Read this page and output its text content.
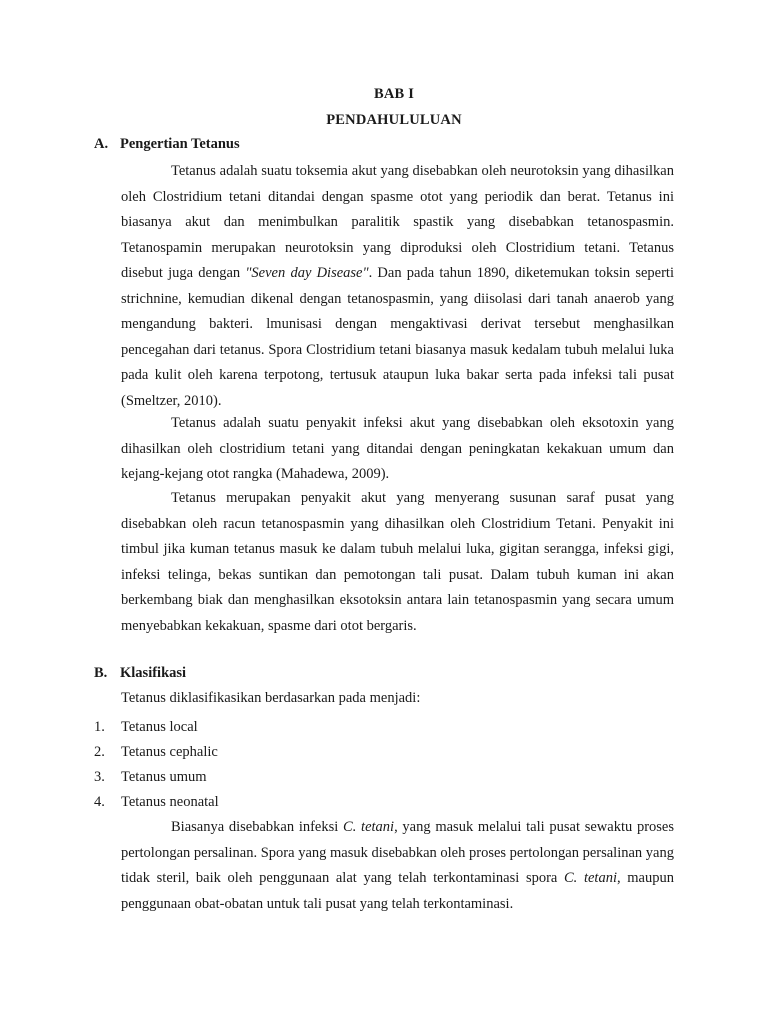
BAB I
PENDAHULULUAN
A. Pengertian Tetanus

Tetanus adalah suatu toksemia akut yang disebabkan oleh neurotoksin yang dihasilkan oleh Clostridium tetani ditandai dengan spasme otot yang periodik dan berat. Tetanus ini biasanya akut dan menimbulkan paralitik spastik yang disebabkan tetanospasmin. Tetanospamin merupakan neurotoksin yang diproduksi oleh Clostridium tetani. Tetanus disebut juga dengan "Seven day Disease". Dan pada tahun 1890, diketemukan toksin seperti strichnine, kemudian dikenal dengan tetanospasmin, yang diisolasi dari tanah anaerob yang mengandung bakteri. lmunisasi dengan mengaktivasi derivat tersebut menghasilkan pencegahan dari tetanus. Spora Clostridium tetani biasanya masuk kedalam tubuh melalui luka pada kulit oleh karena terpotong, tertusuk ataupun luka bakar serta pada infeksi tali pusat (Smeltzer, 2010).

Tetanus adalah suatu penyakit infeksi akut yang disebabkan oleh eksotoxin yang dihasilkan oleh clostridium tetani yang ditandai dengan peningkatan kekakuan umum dan kejang-kejang otot rangka (Mahadewa, 2009).

Tetanus merupakan penyakit akut yang menyerang susunan saraf pusat yang disebabkan oleh racun tetanospasmin yang dihasilkan oleh Clostridium Tetani. Penyakit ini timbul jika kuman tetanus masuk ke dalam tubuh melalui luka, gigitan serangga, infeksi gigi, infeksi telinga, bekas suntikan dan pemotongan tali pusat. Dalam tubuh kuman ini akan berkembang biak dan menghasilkan eksotoksin antara lain tetanospasmin yang secara umum menyebabkan kekakuan, spasme dari otot bergaris.

B. Klasifikasi
Tetanus diklasifikasikan berdasarkan pada menjadi:
1. Tetanus local
2. Tetanus cephalic
3. Tetanus umum
4. Tetanus neonatal

Biasanya disebabkan infeksi C. tetani, yang masuk melalui tali pusat sewaktu proses pertolongan persalinan. Spora yang masuk disebabkan oleh proses pertolongan persalinan yang tidak steril, baik oleh penggunaan alat yang telah terkontaminasi spora C. tetani, maupun penggunaan obat-obatan untuk tali pusat yang telah terkontaminasi.
